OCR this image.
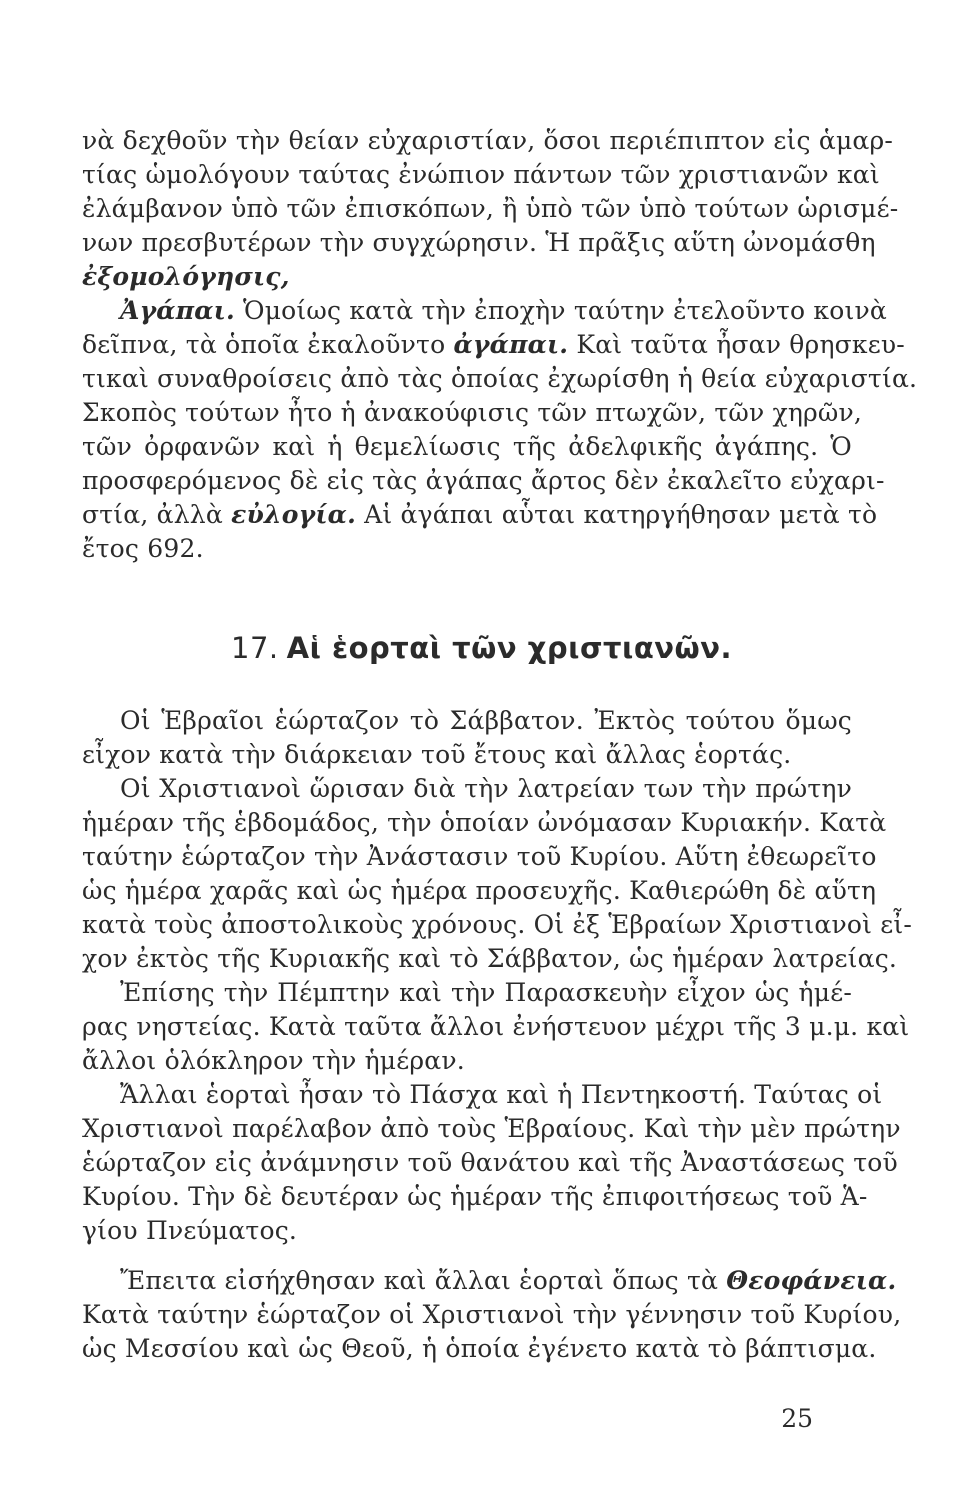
νὰ δεχθοῦν τὴν θείαν εὐχαριστίαν, ὅσοι περιέπιπτον εἰς ἁμαρ-
τίας ὡμολόγουν ταύτας ἐνώπιον πάντων τῶν χριστιανῶν καὶ
ἐλάμβανον ὑπὸ τῶν ἐπισκόπων, ἢ ὑπὸ τῶν ὑπὸ τούτων ὡρισμέ-
νων πρεσβυτέρων τὴν συγχώρησιν. Ἡ πρᾶξις αὕτη ὠνομάσθη
ἐξομολόγησις,
Ἀγάπαι. Ὁμοίως κατὰ τὴν ἐποχὴν ταύτην ἐτελοῦντο κοινὰ
δεῖπνα, τὰ ὁποῖα ἐκαλοῦντο ἀγάπαι. Καὶ ταῦτα ἦσαν θρησκευ-
τικαὶ συναθροίσεις ἀπὸ τὰς ὁποίας ἐχωρίσθη ἡ θεία εὐχαριστία.
Σκοπὸς τούτων ἦτο ἡ ἀνακούφισις τῶν πτωχῶν, τῶν χηρῶν,
τῶν ὀρφανῶν καὶ ἡ θεμελίωσις τῆς ἀδελφικῆς ἀγάπης. Ὁ
προσφερόμενος δὲ εἰς τὰς ἀγάπας ἄρτος δὲν ἐκαλεῖτο εὐχαρι-
στία, ἀλλὰ εὐλογία. Αἱ ἀγάπαι αὗται κατηργήθησαν μετὰ τὸ
ἔτος 692.
17. Αἱ ἑορταὶ τῶν χριστιανῶν.
Οἱ Ἑβραῖοι ἑώρταζον τὸ Σάββατον. Ἐκτὸς τούτου ὅμως
εἶχον κατὰ τὴν διάρκειαν τοῦ ἔτους καὶ ἄλλας ἑορτάς.
Οἱ Χριστιανοὶ ὥρισαν διὰ τὴν λατρείαν των τὴν πρώτην
ἡμέραν τῆς ἑβδομάδος, τὴν ὁποίαν ὠνόμασαν Κυριακήν. Κατὰ
ταύτην ἑώρταζον τὴν Ἀνάστασιν τοῦ Κυρίου. Αὕτη ἐθεωρεῖτο
ὡς ἡμέρα χαρᾶς καὶ ὡς ἡμέρα προσευχῆς. Καθιερώθη δὲ αὕτη
κατὰ τοὺς ἀποστολικοὺς χρόνους. Οἱ ἐξ Ἑβραίων Χριστιανοὶ εἶ-
χον ἐκτὸς τῆς Κυριακῆς καὶ τὸ Σάββατον, ὡς ἡμέραν λατρείας.
Ἐπίσης τὴν Πέμπτην καὶ τὴν Παρασκευὴν εἶχον ὡς ἡμέ-
ρας νηστείας. Κατὰ ταῦτα ἄλλοι ἐνήστευον μέχρι τῆς 3 μ.μ. καὶ
ἄλλοι ὁλόκληρον τὴν ἡμέραν.
Ἄλλαι ἑορταὶ ἦσαν τὸ Πάσχα καὶ ἡ Πεντηκοστή. Ταύτας οἱ
Χριστιανοὶ παρέλαβον ἀπὸ τοὺς Ἑβραίους. Καὶ τὴν μὲν πρώτην
ἑώρταζον εἰς ἀνάμνησιν τοῦ θανάτου καὶ τῆς Ἀναστάσεως τοῦ
Κυρίου. Τὴν δὲ δευτέραν ὡς ἡμέραν τῆς ἐπιφοιτήσεως τοῦ Ἁ-
γίου Πνεύματος.
Ἔπειτα εἰσήχθησαν καὶ ἄλλαι ἑορταὶ ὅπως τὰ Θεοφάνεια.
Κατὰ ταύτην ἑώρταζον οἱ Χριστιανοὶ τὴν γέννησιν τοῦ Κυρίου,
ὡς Μεσσίου καὶ ὡς Θεοῦ, ἡ ὁποία ἐγένετο κατὰ τὸ βάπτισμα.
25
